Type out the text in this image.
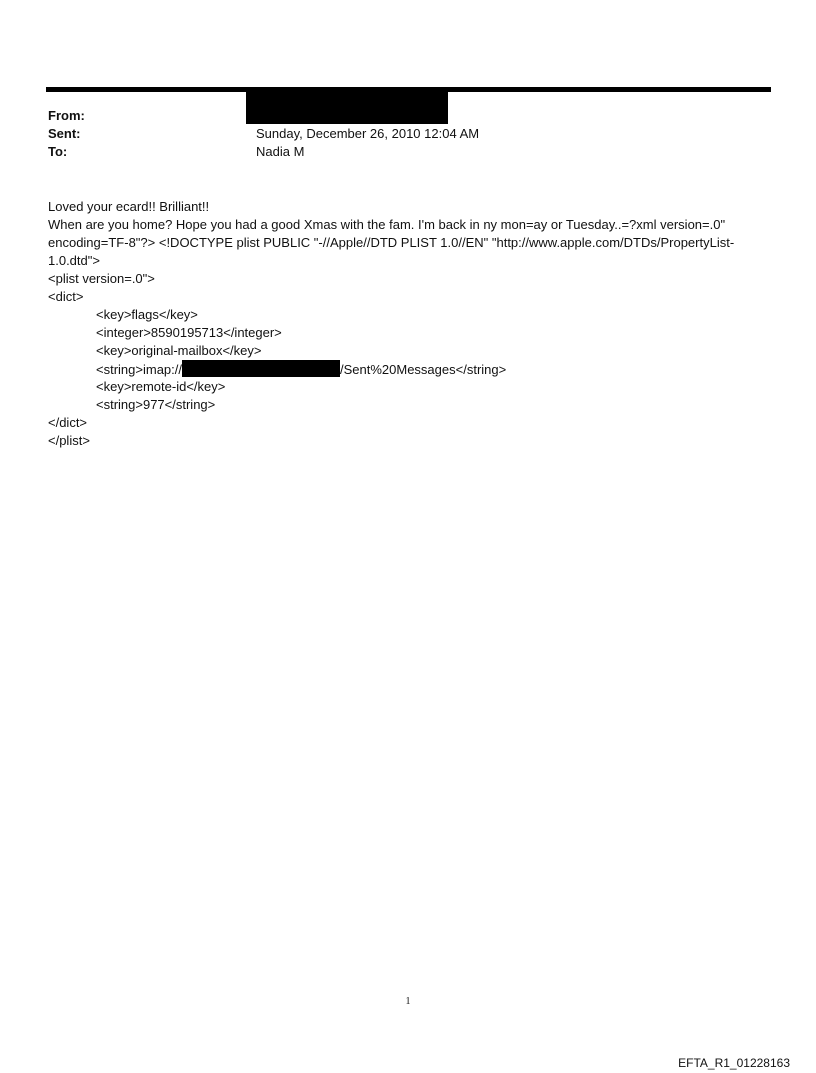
From:
Sent:	Sunday, December 26, 2010 12:04 AM
To:	Nadia M
Loved your ecard!! Brilliant!!
When are you home? Hope you had a good Xmas with the fam. I'm back in ny mon=ay or Tuesday..=?xml version=.0"
encoding=TF-8"?> <!DOCTYPE plist PUBLIC "-//Apple//DTD PLIST 1.0//EN" "http://www.apple.com/DTDs/PropertyList-
1.0.dtd">
<plist version=.0">
<dict>
<key>flags</key>
<integer>8590195713</integer>
<key>original-mailbox</key>
<string>imap://	/Sent%20Messages</string>
<key>remote-id</key>
<string>977</string>
</dict>
</plist>
1
EFTA_R1_01228163
